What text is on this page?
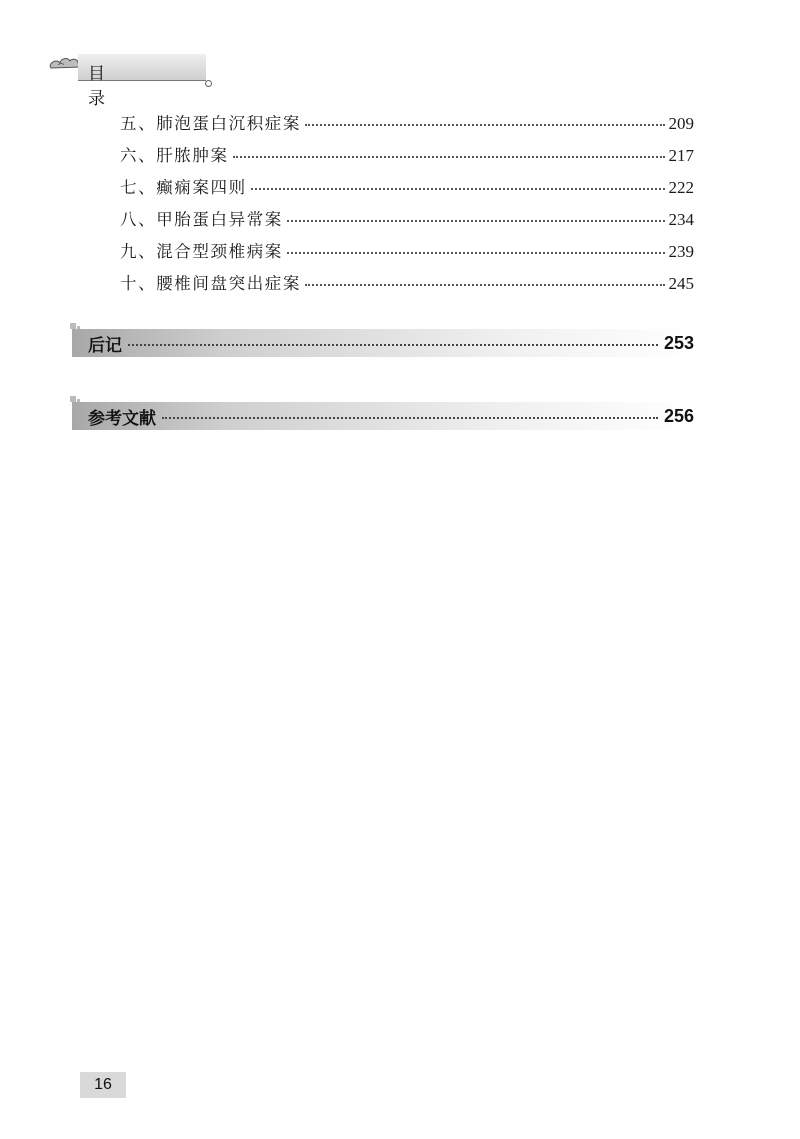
目　录
五、肺泡蛋白沉积症案	209
六、肝脓肿案	217
七、癫痫案四则	222
八、甲胎蛋白异常案	234
九、混合型颈椎病案	239
十、腰椎间盘突出症案	245
后记	253
参考文献	256
16
